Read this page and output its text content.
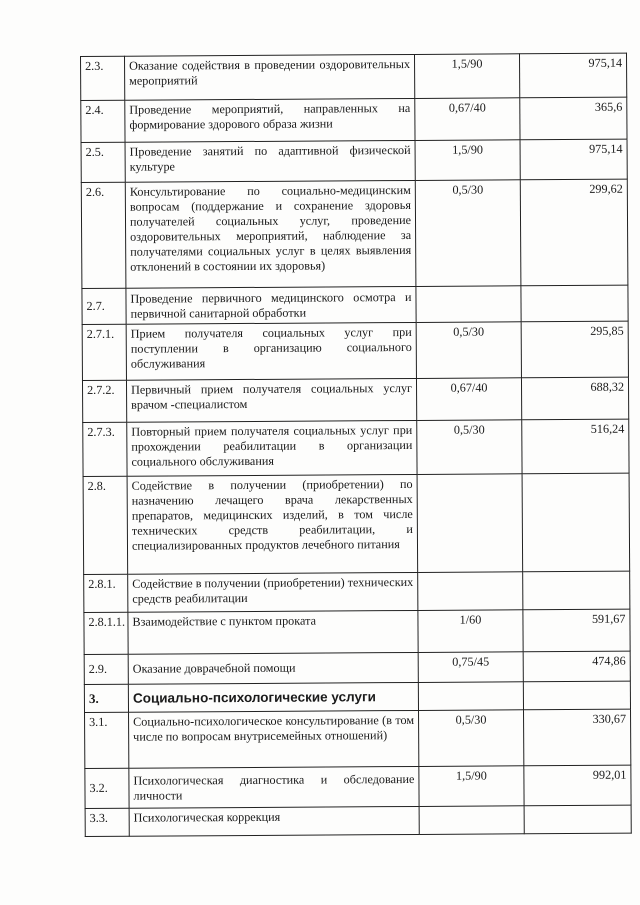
2.3.	Оказание содействия в проведении оздоровительных мероприятий	1,5/90	975,14
2.4.	Проведение мероприятий, направленных на формирование здорового образа жизни	0,67/40	365,6
2.5.	Проведение занятий по адаптивной физической культуре	1,5/90	975,14
2.6.	Консультирование по социально-медицинским вопросам (поддержание и сохранение здоровья получателей социальных услуг, проведение оздоровительных мероприятий, наблюдение за получателями социальных услуг в целях выявления отклонений в состоянии их здоровья)	0,5/30	299,62
2.7.	Проведение первичного медицинского осмотра и первичной санитарной обработки		
2.7.1.	Прием получателя социальных услуг при поступлении в организацию социального обслуживания	0,5/30	295,85
2.7.2.	Первичный прием получателя социальных услуг врачом -специалистом	0,67/40	688,32
2.7.3.	Повторный прием получателя социальных услуг при прохождении реабилитации в организации социального обслуживания	0,5/30	516,24
2.8.	Содействие в получении (приобретении) по назначению лечащего врача лекарственных препаратов, медицинских изделий, в том числе технических средств реабилитации, и специализированных продуктов лечебного питания		
2.8.1.	Содействие в получении (приобретении) технических средств реабилитации		
2.8.1.1.	Взаимодействие с пунктом проката	1/60	591,67
2.9.	Оказание доврачебной помощи	0,75/45	474,86
3.	Социально-психологические услуги		
3.1.	Социально-психологическое консультирование (в том числе по вопросам внутрисемейных отношений)	0,5/30	330,67
3.2.	Психологическая диагностика и обследование личности	1,5/90	992,01
3.3.	Психологическая коррекция		
